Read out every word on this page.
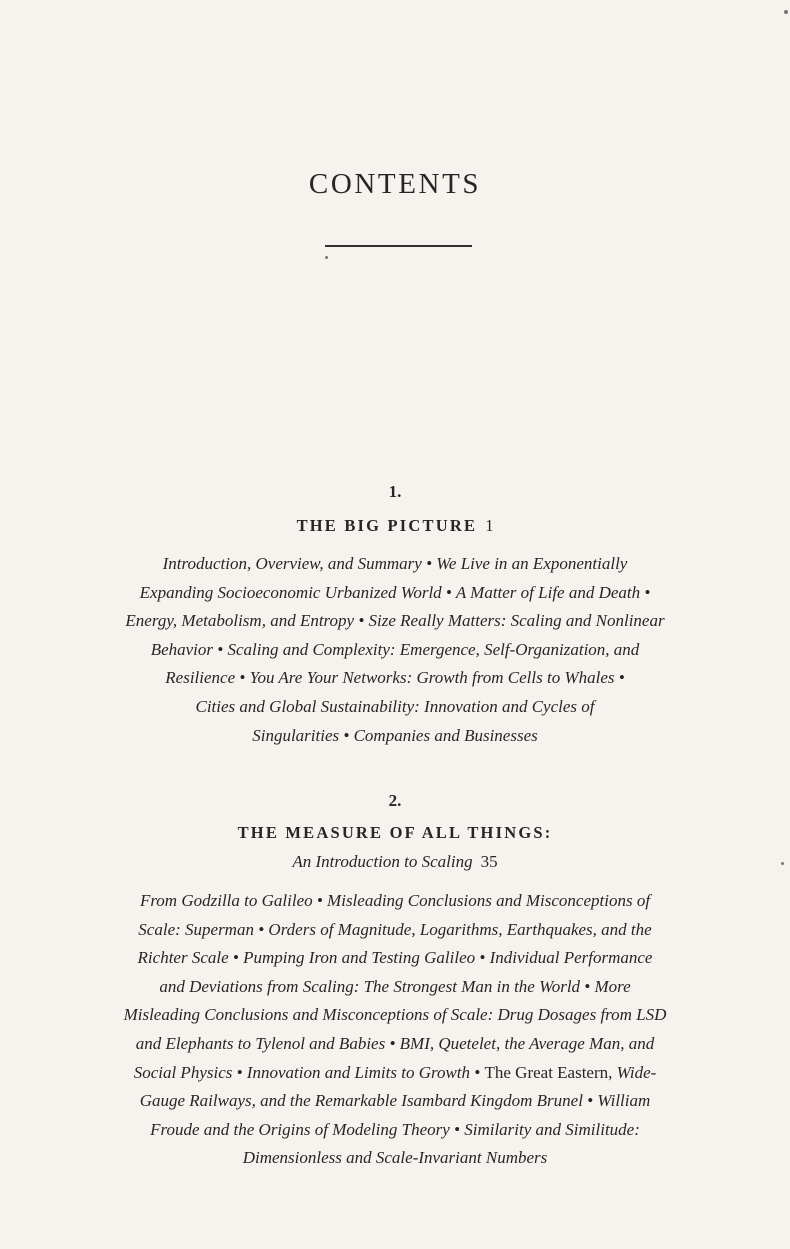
CONTENTS
1.
THE BIG PICTURE 1
Introduction, Overview, and Summary • We Live in an Exponentially
Expanding Socioeconomic Urbanized World • A Matter of Life and Death •
Energy, Metabolism, and Entropy • Size Really Matters: Scaling and Nonlinear
Behavior • Scaling and Complexity: Emergence, Self-Organization, and
Resilience • You Are Your Networks: Growth from Cells to Whales •
Cities and Global Sustainability: Innovation and Cycles of
Singularities • Companies and Businesses
2.
THE MEASURE OF ALL THINGS:
An Introduction to Scaling 35
From Godzilla to Galileo • Misleading Conclusions and Misconceptions of
Scale: Superman • Orders of Magnitude, Logarithms, Earthquakes, and the
Richter Scale • Pumping Iron and Testing Galileo • Individual Performance
and Deviations from Scaling: The Strongest Man in the World • More
Misleading Conclusions and Misconceptions of Scale: Drug Dosages from LSD
and Elephants to Tylenol and Babies • BMI, Quetelet, the Average Man, and
Social Physics • Innovation and Limits to Growth • The Great Eastern, Wide-
Gauge Railways, and the Remarkable Isambard Kingdom Brunel • William
Froude and the Origins of Modeling Theory • Similarity and Similitude:
Dimensionless and Scale-Invariant Numbers
